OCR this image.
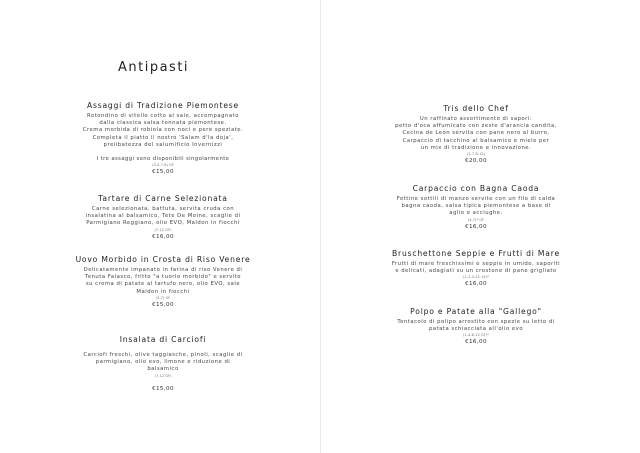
Antipasti
Assaggi di Tradizione Piemontese
Rotondino di vitello cotto al sale, accompagnato
dalla classica salsa tonnata piemontese.
Crema morbida di robiola con noci e pere speziate.
Completa il piatto il nostro 'Salam d'la doja',
prelibatezza del salumificio Invernizzi
I tre assaggi sono disponibili singolarmente
(3-4-7-8) GF
€15,00
Tartare di Carne Selezionata
Carne selezionata, battuta, servita cruda con
insalatina al balsamico, Tete De Moine, scaglie di
Parmigiano Reggiano, olio EVO, Maldon in fiocchi
(7-12 GF)
€16,00
Uovo Morbido in Crosta di Riso Venere
Delicatamente impanato in farina di riso Venere di
Tenuta Falasco, fritto "a tuorlo morbido" e servito
su crema di patate al tartufo nero, olio EVO, sale
Maldon in fiocchi
(3-7) GF
€15,00
Insalata di Carciofi
Carciofi freschi, olive taggiasche, pinoli, scaglie di
parmigiano, olio evo, limone e riduzione di
balsamico
(7-12 GF)
€15,00
Tris dello Chef
Un raffinato assortimento di sapori:
petto d'oca affumicato con zeste d'arancia candita,
Cecina de León servita con pane nero al burro,
Carpaccio di tacchino al balsamico e miele per
un mix di tradizione e innovazione.
(1-7-8-12)
€20,00
Carpaccio con Bagna Caoda
Fettine sottili di manzo servite con un filo di calda
bagna caoda, salsa tipica piemontese a base di
aglio e acciughe.
(4-7)* GF
€16,00
Bruschettone Seppie e Frutti di Mare
Frutti di mare freschissimi e seppie in umido, saporiti
e delicati, adagiati su un crostone di pane grigliato
(1-2-4-12-14)*
€16,00
Polpo e Patate alla "Gallego"
Tentacolo di polipo arrostito con spezie su letto di
patata schiacciata all'olio evo
(1-4-8-12 GF)*
€16,00
